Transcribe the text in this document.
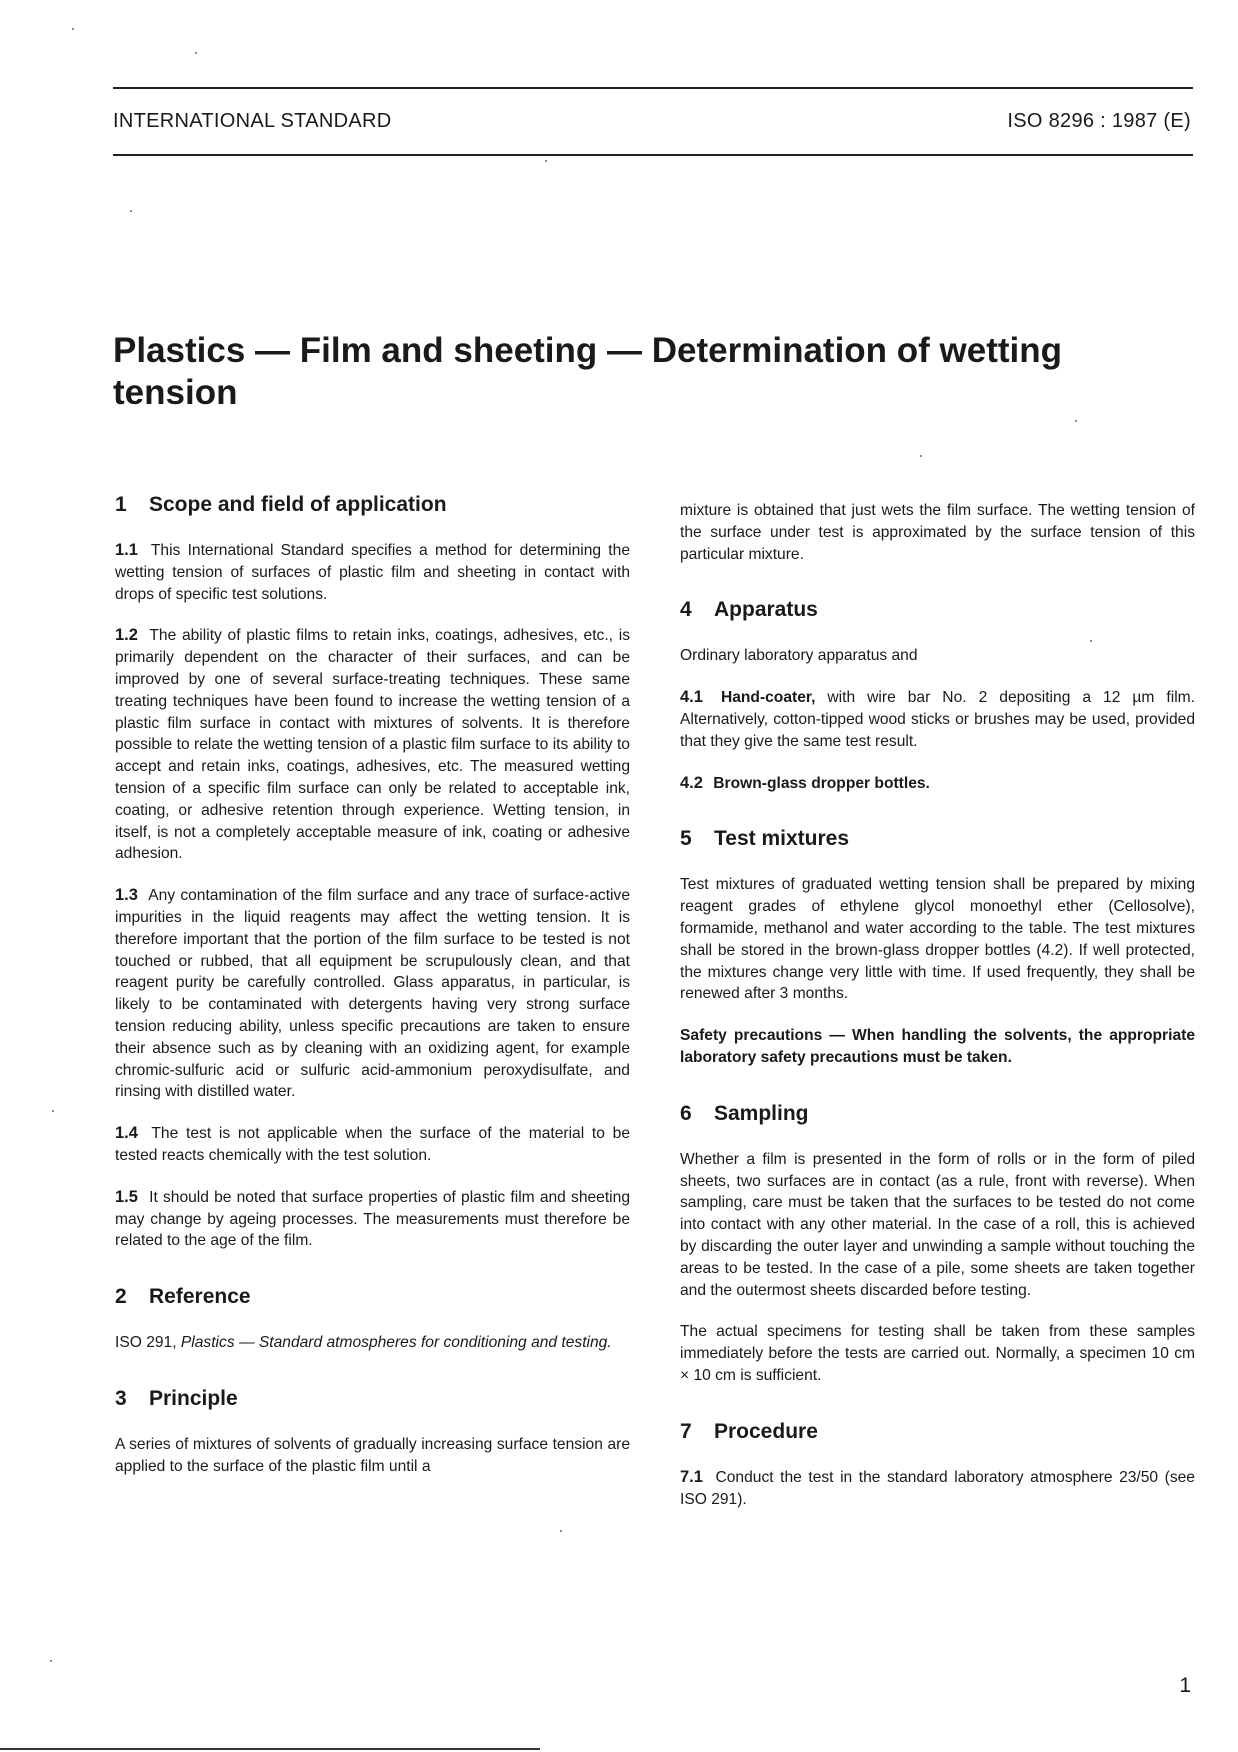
INTERNATIONAL STANDARD	ISO 8296 : 1987 (E)
Plastics — Film and sheeting — Determination of wetting tension
1 Scope and field of application

1.1 This International Standard specifies a method for determining the wetting tension of surfaces of plastic film and sheeting in contact with drops of specific test solutions.

1.2 The ability of plastic films to retain inks, coatings, adhesives, etc., is primarily dependent on the character of their surfaces, and can be improved by one of several surface-treating techniques. These same treating techniques have been found to increase the wetting tension of a plastic film surface in contact with mixtures of solvents. It is therefore possible to relate the wetting tension of a plastic film surface to its ability to accept and retain inks, coatings, adhesives, etc. The measured wetting tension of a specific film surface can only be related to acceptable ink, coating, or adhesive retention through experience. Wetting tension, in itself, is not a completely acceptable measure of ink, coating or adhesive adhesion.

1.3 Any contamination of the film surface and any trace of surface-active impurities in the liquid reagents may affect the wetting tension. It is therefore important that the portion of the film surface to be tested is not touched or rubbed, that all equipment be scrupulously clean, and that reagent purity be carefully controlled. Glass apparatus, in particular, is likely to be contaminated with detergents having very strong surface tension reducing ability, unless specific precautions are taken to ensure their absence such as by cleaning with an oxidizing agent, for example chromic-sulfuric acid or sulfuric acid-ammonium peroxydisulfate, and rinsing with distilled water.

1.4 The test is not applicable when the surface of the material to be tested reacts chemically with the test solution.

1.5 It should be noted that surface properties of plastic film and sheeting may change by ageing processes. The measurements must therefore be related to the age of the film.

2 Reference

ISO 291, Plastics — Standard atmospheres for conditioning and testing.

3 Principle

A series of mixtures of solvents of gradually increasing surface tension are applied to the surface of the plastic film until a

mixture is obtained that just wets the film surface. The wetting tension of the surface under test is approximated by the surface tension of this particular mixture.

4 Apparatus

Ordinary laboratory apparatus and

4.1 Hand-coater, with wire bar No. 2 depositing a 12 µm film. Alternatively, cotton-tipped wood sticks or brushes may be used, provided that they give the same test result.

4.2 Brown-glass dropper bottles.

5 Test mixtures

Test mixtures of graduated wetting tension shall be prepared by mixing reagent grades of ethylene glycol monoethyl ether (Cellosolve), formamide, methanol and water according to the table. The test mixtures shall be stored in the brown-glass dropper bottles (4.2). If well protected, the mixtures change very little with time. If used frequently, they shall be renewed after 3 months.

Safety precautions — When handling the solvents, the appropriate laboratory safety precautions must be taken.

6 Sampling

Whether a film is presented in the form of rolls or in the form of piled sheets, two surfaces are in contact (as a rule, front with reverse). When sampling, care must be taken that the surfaces to be tested do not come into contact with any other material. In the case of a roll, this is achieved by discarding the outer layer and unwinding a sample without touching the areas to be tested. In the case of a pile, some sheets are taken together and the outermost sheets discarded before testing.

The actual specimens for testing shall be taken from these samples immediately before the tests are carried out. Normally, a specimen 10 cm × 10 cm is sufficient.

7 Procedure

7.1 Conduct the test in the standard laboratory atmosphere 23/50 (see ISO 291).

1
